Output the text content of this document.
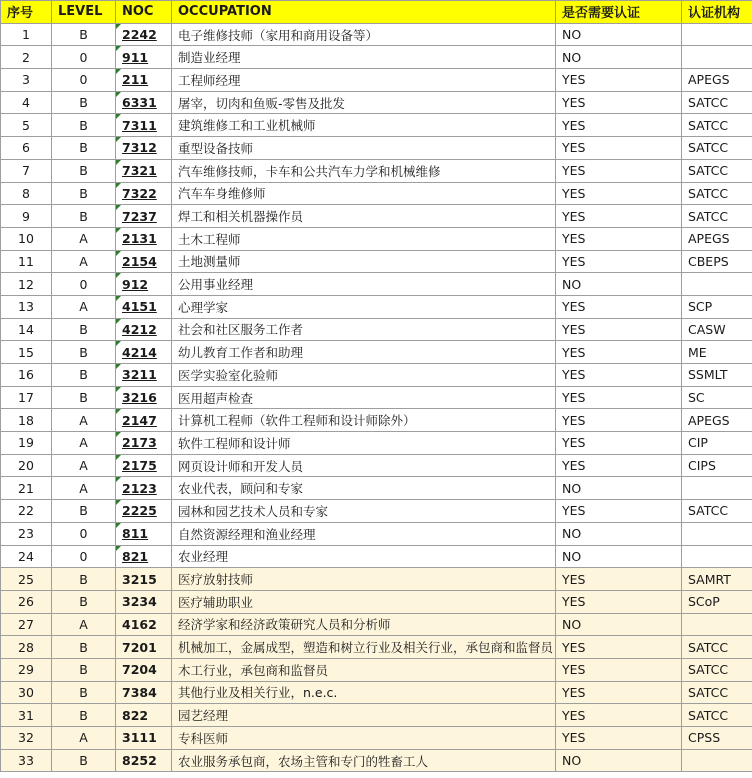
序号	LEVEL	NOC	OCCUPATION	是否需要认证	认证机构
1	B	2242	电子维修技师（家用和商用设备等）	NO	
2	0	911	制造业经理	NO	
3	0	211	工程师经理	YES	APEGS
4	B	6331	屠宰，切肉和鱼贩-零售及批发	YES	SATCC
5	B	7311	建筑维修工和工业机械师	YES	SATCC
6	B	7312	重型设备技师	YES	SATCC
7	B	7321	汽车维修技师，卡车和公共汽车力学和机械维修	YES	SATCC
8	B	7322	汽车车身维修师	YES	SATCC
9	B	7237	焊工和相关机器操作员	YES	SATCC
10	A	2131	土木工程师	YES	APEGS
11	A	2154	土地测量师	YES	CBEPS
12	0	912	公用事业经理	NO	
13	A	4151	心理学家	YES	SCP
14	B	4212	社会和社区服务工作者	YES	CASW
15	B	4214	幼儿教育工作者和助理	YES	ME
16	B	3211	医学实验室化验师	YES	SSMLT
17	B	3216	医用超声检查	YES	SC
18	A	2147	计算机工程师（软件工程师和设计师除外）	YES	APEGS
19	A	2173	软件工程师和设计师	YES	CIP
20	A	2175	网页设计师和开发人员	YES	CIPS
21	A	2123	农业代表，顾问和专家	NO	
22	B	2225	园林和园艺技术人员和专家	YES	SATCC
23	0	811	自然资源经理和渔业经理	NO	
24	0	821	农业经理	NO	
25	B	3215	医疗放射技师	YES	SAMRT
26	B	3234	医疗辅助职业	YES	SCoP
27	A	4162	经济学家和经济政策研究人员和分析师	NO	
28	B	7201	机械加工，金属成型，塑造和树立行业及相关行业，承包商和监督员	YES	SATCC
29	B	7204	木工行业，承包商和监督员	YES	SATCC
30	B	7384	其他行业及相关行业，n.e.c.	YES	SATCC
31	B	822	园艺经理	YES	SATCC
32	A	3111	专科医师	YES	CPSS
33	B	8252	农业服务承包商，农场主管和专门的牲畜工人	NO	
